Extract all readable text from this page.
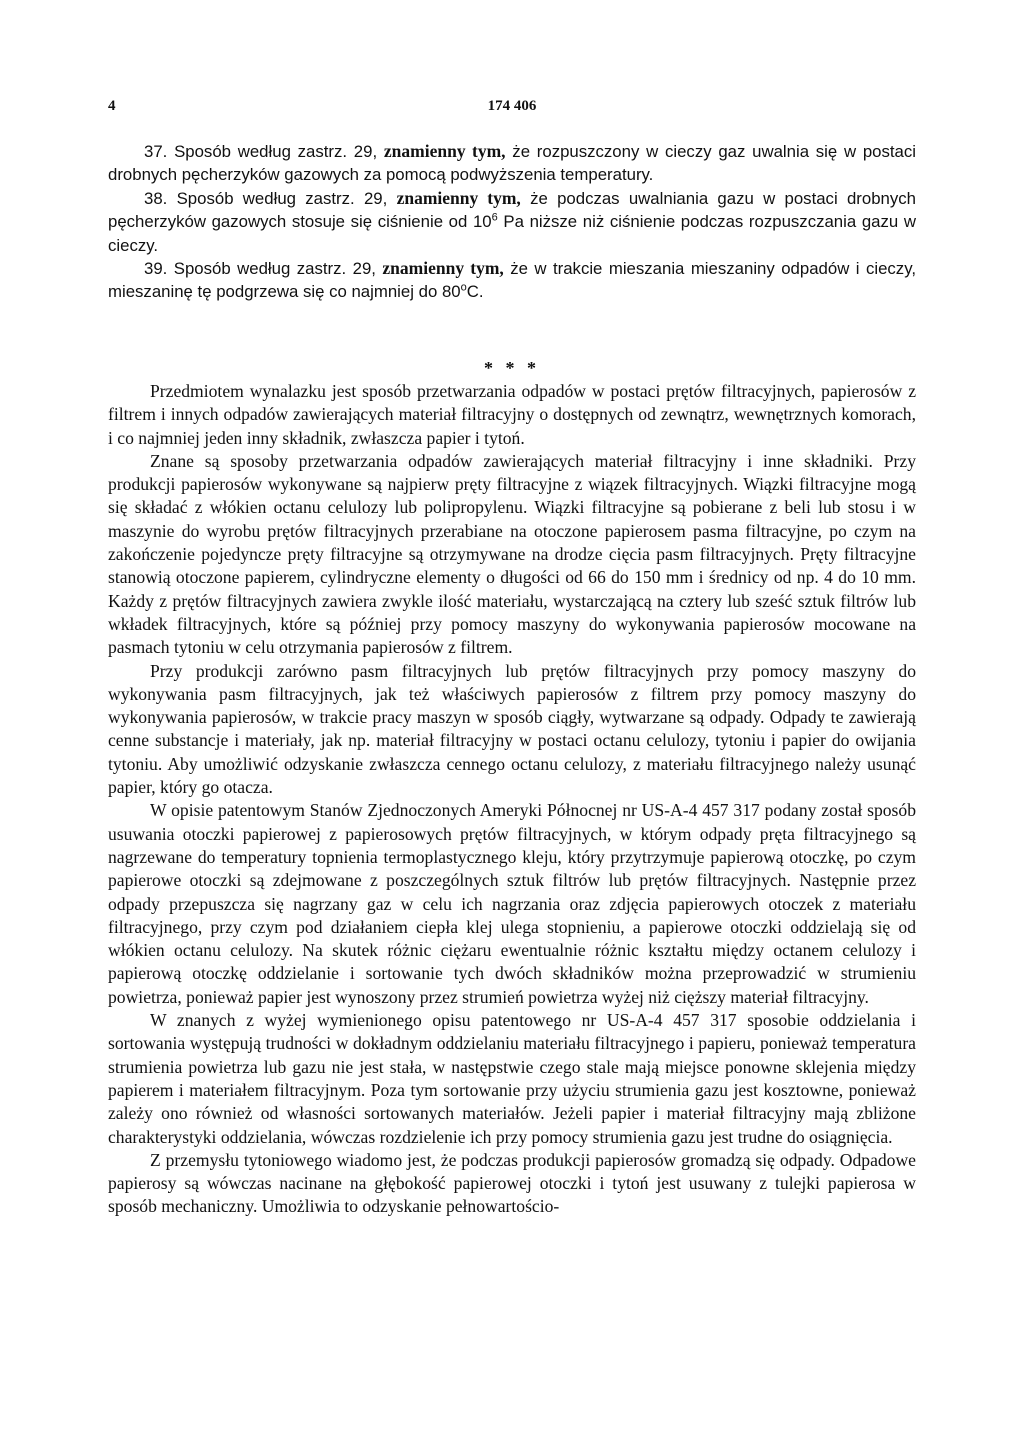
4	174 406

37. Sposób według zastrz. 29, znamienny tym, że rozpuszczony w cieczy gaz uwalnia się w postaci drobnych pęcherzyków gazowych za pomocą podwyższenia temperatury.

38. Sposób według zastrz. 29, znamienny tym, że podczas uwalniania gazu w postaci drobnych pęcherzyków gazowych stosuje się ciśnienie od $10^6$ Pa niższe niż ciśnienie podczas rozpuszczania gazu w cieczy.

39. Sposób według zastrz. 29, znamienny tym, że w trakcie mieszania mieszaniny odpadów i cieczy, mieszaninę tę podgrzewa się co najmniej do 80$^o$C.

* * *

Przedmiotem wynalazku jest sposób przetwarzania odpadów w postaci prętów filtracyjnych, papierosów z filtrem i innych odpadów zawierających materiał filtracyjny o dostępnych od zewnątrz, wewnętrznych komorach, i co najmniej jeden inny składnik, zwłaszcza papier i tytoń.

Znane są sposoby przetwarzania odpadów zawierających materiał filtracyjny i inne składniki. Przy produkcji papierosów wykonywane są najpierw pręty filtracyjne z wiązek filtracyjnych. Wiązki filtracyjne mogą się składać z włókien octanu celulozy lub polipropylenu. Wiązki filtracyjne są pobierane z beli lub stosu i w maszynie do wyrobu prętów filtracyjnych przerabiane na otoczone papierosem pasma filtracyjne, po czym na zakończenie pojedyncze pręty filtracyjne są otrzymywane na drodze cięcia pasm filtracyjnych. Pręty filtracyjne stanowią otoczone papierem, cylindryczne elementy o długości od 66 do 150 mm i średnicy od np. 4 do 10 mm. Każdy z prętów filtracyjnych zawiera zwykle ilość materiału, wystarczającą na cztery lub sześć sztuk filtrów lub wkładek filtracyjnych, które są później przy pomocy maszyny do wykonywania papierosów mocowane na pasmach tytoniu w celu otrzymania papierosów z filtrem.

Przy produkcji zarówno pasm filtracyjnych lub prętów filtracyjnych przy pomocy maszyny do wykonywania pasm filtracyjnych, jak też właściwych papierosów z filtrem przy pomocy maszyny do wykonywania papierosów, w trakcie pracy maszyn w sposób ciągły, wytwarzane są odpady. Odpady te zawierają cenne substancje i materiały, jak np. materiał filtracyjny w postaci octanu celulozy, tytoniu i papier do owijania tytoniu. Aby umożliwić odzyskanie zwłaszcza cennego octanu celulozy, z materiału filtracyjnego należy usunąć papier, który go otacza.

W opisie patentowym Stanów Zjednoczonych Ameryki Północnej nr US-A-4 457 317 podany został sposób usuwania otoczki papierowej z papierosowych prętów filtracyjnych, w którym odpady pręta filtracyjnego są nagrzewane do temperatury topnienia termoplastycznego kleju, który przytrzymuje papierową otoczkę, po czym papierowe otoczki są zdejmowane z poszczególnych sztuk filtrów lub prętów filtracyjnych. Następnie przez odpady przepuszcza się nagrzany gaz w celu ich nagrzania oraz zdjęcia papierowych otoczek z materiału filtracyjnego, przy czym pod działaniem ciepła klej ulega stopnieniu, a papierowe otoczki oddzielają się od włókien octanu celulozy. Na skutek różnic ciężaru ewentualnie różnic kształtu między octanem celulozy i papierową otoczkę oddzielanie i sortowanie tych dwóch składników można przeprowadzić w strumieniu powietrza, ponieważ papier jest wynoszony przez strumień powietrza wyżej niż cięższy materiał filtracyjny.

W znanych z wyżej wymienionego opisu patentowego nr US-A-4 457 317 sposobie oddzielania i sortowania występują trudności w dokładnym oddzielaniu materiału filtracyjnego i papieru, ponieważ temperatura strumienia powietrza lub gazu nie jest stała, w następstwie czego stale mają miejsce ponowne sklejenia między papierem i materiałem filtracyjnym. Poza tym sortowanie przy użyciu strumienia gazu jest kosztowne, ponieważ zależy ono również od własności sortowanych materiałów. Jeżeli papier i materiał filtracyjny mają zbliżone charakterystyki oddzielania, wówczas rozdzielenie ich przy pomocy strumienia gazu jest trudne do osiągnięcia.

Z przemysłu tytoniowego wiadomo jest, że podczas produkcji papierosów gromadzą się odpady. Odpadowe papierosy są wówczas nacinane na głębokość papierowej otoczki i tytoń jest usuwany z tulejki papierosa w sposób mechaniczny. Umożliwia to odzyskanie pełnowartościo-
